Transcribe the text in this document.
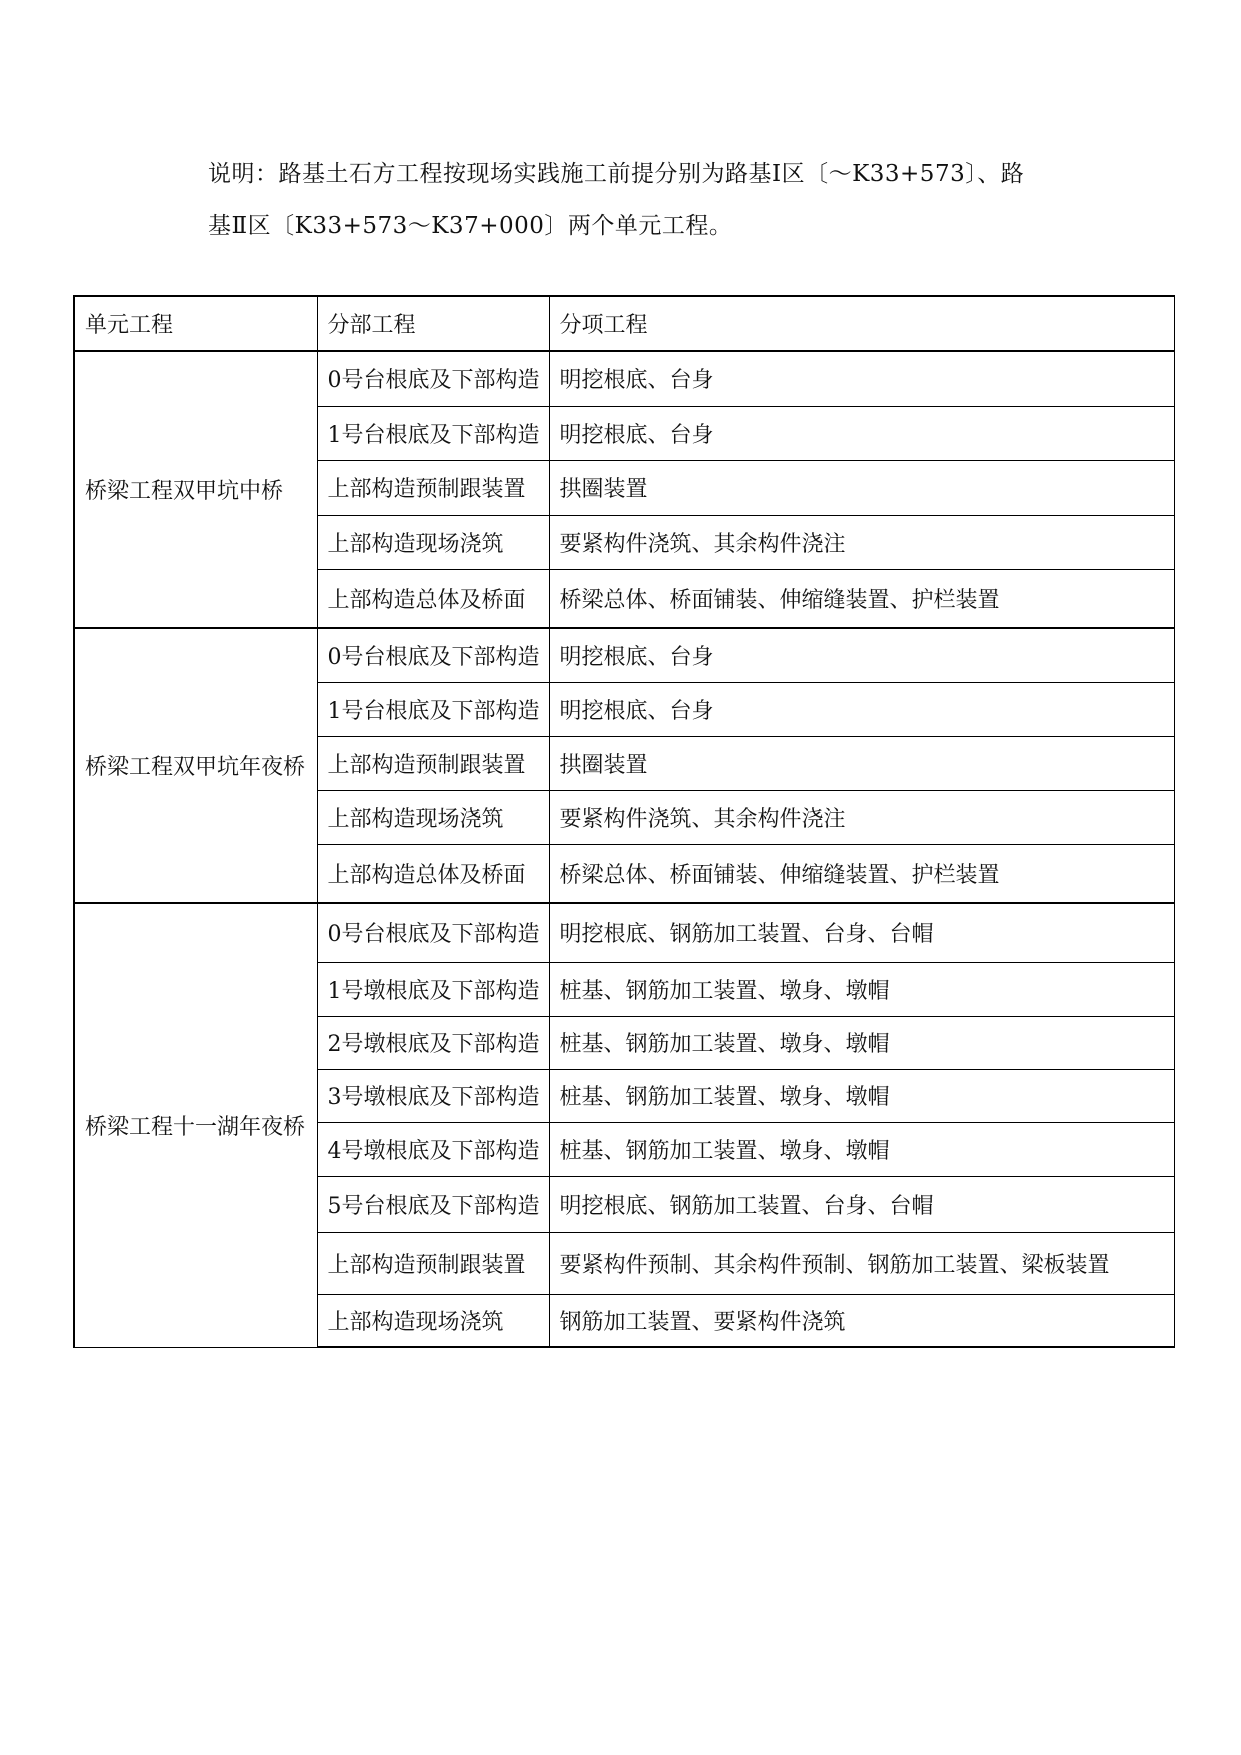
说明：路基土石方工程按现场实践施工前提分别为路基Ⅰ区〔～K33+573〕、路

基Ⅱ区〔K33+573～K37+000〕两个单元工程。

单元工程	分部工程	分项工程
桥梁工程双甲坑中桥	0号台根底及下部构造	明挖根底、台身
	1号台根底及下部构造	明挖根底、台身
	上部构造预制跟装置	拱圈装置
	上部构造现场浇筑	要紧构件浇筑、其余构件浇注
	上部构造总体及桥面	桥梁总体、桥面铺装、伸缩缝装置、护栏装置
桥梁工程双甲坑年夜桥	0号台根底及下部构造	明挖根底、台身
	1号台根底及下部构造	明挖根底、台身
	上部构造预制跟装置	拱圈装置
	上部构造现场浇筑	要紧构件浇筑、其余构件浇注
	上部构造总体及桥面	桥梁总体、桥面铺装、伸缩缝装置、护栏装置
桥梁工程十一湖年夜桥	0号台根底及下部构造	明挖根底、钢筋加工装置、台身、台帽
	1号墩根底及下部构造	桩基、钢筋加工装置、墩身、墩帽
	2号墩根底及下部构造	桩基、钢筋加工装置、墩身、墩帽
	3号墩根底及下部构造	桩基、钢筋加工装置、墩身、墩帽
	4号墩根底及下部构造	桩基、钢筋加工装置、墩身、墩帽
	5号台根底及下部构造	明挖根底、钢筋加工装置、台身、台帽
	上部构造预制跟装置	要紧构件预制、其余构件预制、钢筋加工装置、梁板装置
	上部构造现场浇筑	钢筋加工装置、要紧构件浇筑
